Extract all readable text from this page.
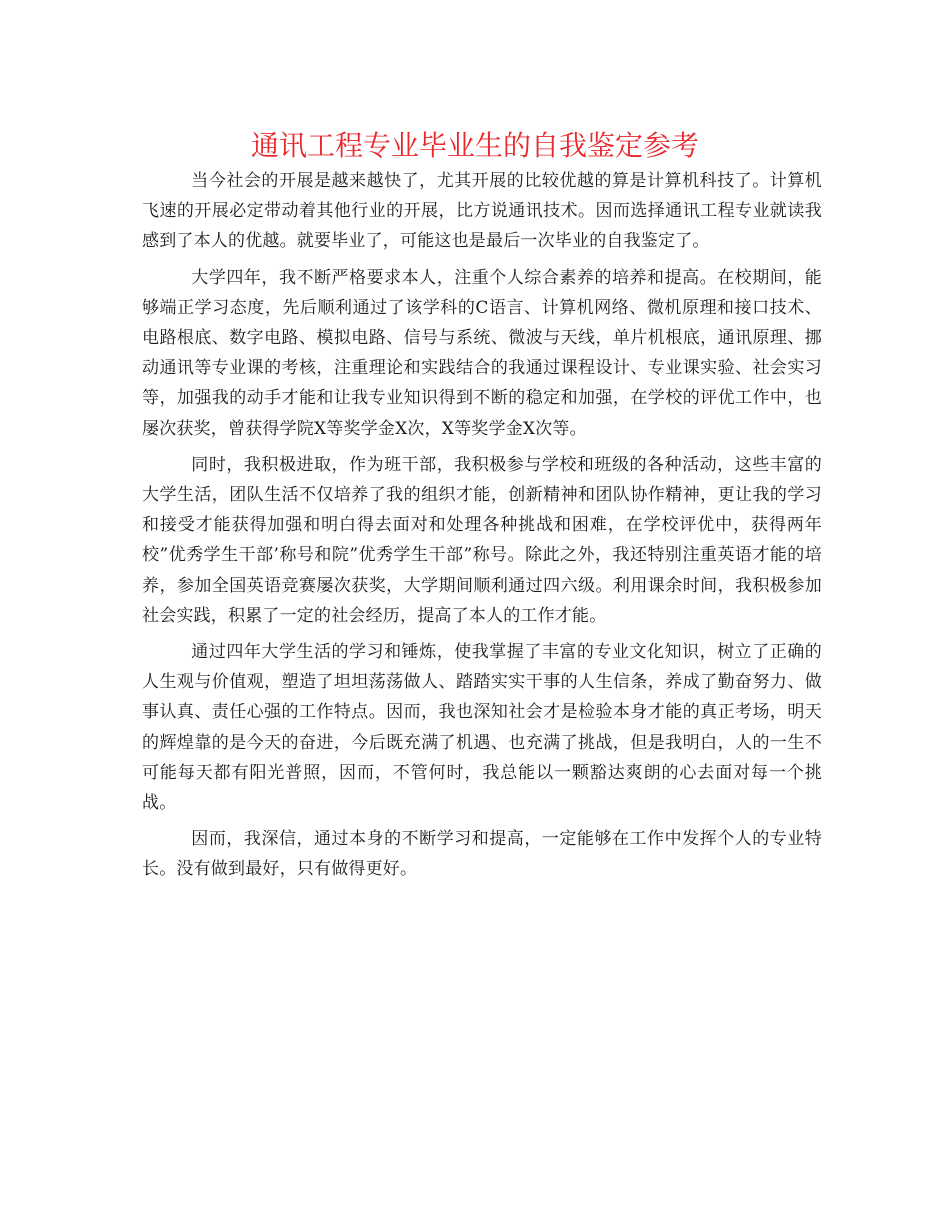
通讯工程专业毕业生的自我鉴定参考

当今社会的开展是越来越快了，尤其开展的比较优越的算是计算机科技了。计算机飞速的开展必定带动着其他行业的开展，比方说通讯技术。因而选择通讯工程专业就读我感到了本人的优越。就要毕业了，可能这也是最后一次毕业的自我鉴定了。

大学四年，我不断严格要求本人，注重个人综合素养的培养和提高。在校期间，能够端正学习态度，先后顺利通过了该学科的C语言、计算机网络、微机原理和接口技术、电路根底、数字电路、模拟电路、信号与系统、微波与天线，单片机根底，通讯原理、挪动通讯等专业课的考核，注重理论和实践结合的我通过课程设计、专业课实验、社会实习等，加强我的动手才能和让我专业知识得到不断的稳定和加强，在学校的评优工作中，也屡次获奖，曾获得学院X等奖学金X次，X等奖学金X次等。

同时，我积极进取，作为班干部，我积极参与学校和班级的各种活动，这些丰富的大学生活，团队生活不仅培养了我的组织才能，创新精神和团队协作精神，更让我的学习和接受才能获得加强和明白得去面对和处理各种挑战和困难，在学校评优中，获得两年校”优秀学生干部’称号和院”优秀学生干部”称号。除此之外，我还特别注重英语才能的培养，参加全国英语竞赛屡次获奖，大学期间顺利通过四六级。利用课余时间，我积极参加社会实践，积累了一定的社会经历，提高了本人的工作才能。

通过四年大学生活的学习和锤炼，使我掌握了丰富的专业文化知识，树立了正确的人生观与价值观，塑造了坦坦荡荡做人、踏踏实实干事的人生信条，养成了勤奋努力、做事认真、责任心强的工作特点。因而，我也深知社会才是检验本身才能的真正考场，明天的辉煌靠的是今天的奋进，今后既充满了机遇、也充满了挑战，但是我明白，人的一生不可能每天都有阳光普照，因而，不管何时，我总能以一颗豁达爽朗的心去面对每一个挑战。

因而，我深信，通过本身的不断学习和提高，一定能够在工作中发挥个人的专业特长。没有做到最好，只有做得更好。
